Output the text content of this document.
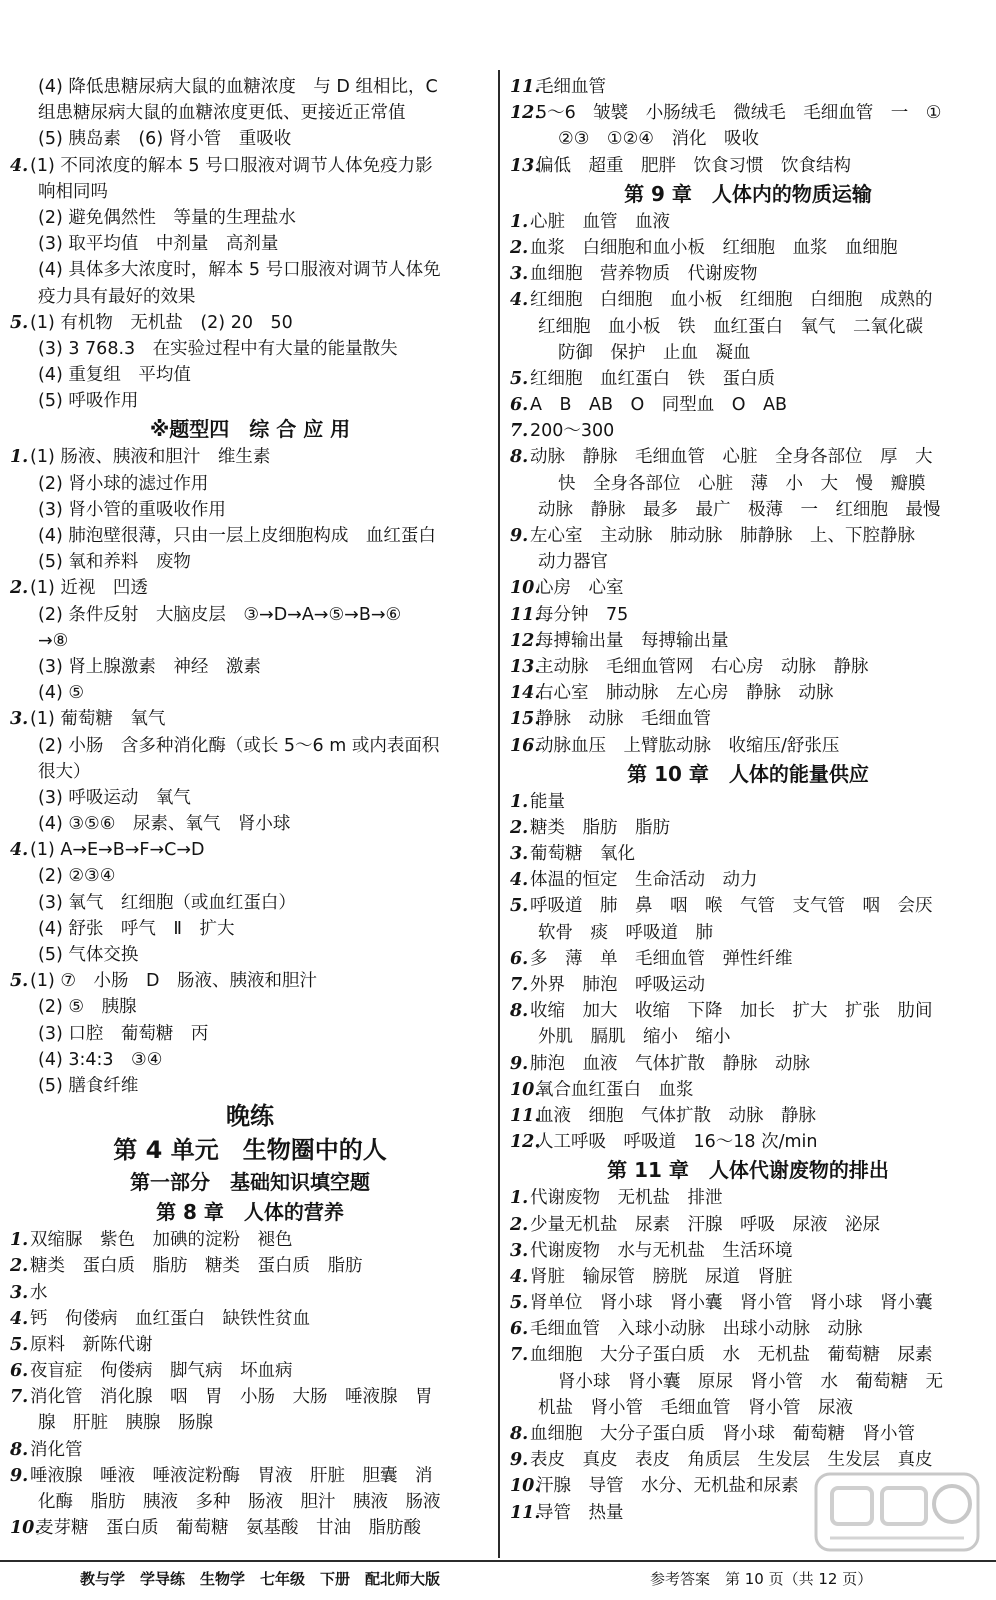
(4) 降低患糖尿病大鼠的血糖浓度　与 D 组相比，C
组患糖尿病大鼠的血糖浓度更低、更接近正常值
(5) 胰岛素　(6) 肾小管　重吸收
4.(1) 不同浓度的解本 5 号口服液对调节人体免疫力影
响相同吗
(2) 避免偶然性　等量的生理盐水
(3) 取平均值　中剂量　高剂量
(4) 具体多大浓度时，解本 5 号口服液对调节人体免
疫力具有最好的效果
5.(1) 有机物　无机盐　(2) 20　50
(3) 3 768.3　在实验过程中有大量的能量散失
(4) 重复组　平均值
(5) 呼吸作用
※题型四　综 合 应 用
1.(1) 肠液、胰液和胆汁　维生素
(2) 肾小球的滤过作用
(3) 肾小管的重吸收作用
(4) 肺泡壁很薄，只由一层上皮细胞构成　血红蛋白
(5) 氧和养料　废物
2.(1) 近视　凹透
(2) 条件反射　大脑皮层　③→D→A→⑤→B→⑥
→⑧
(3) 肾上腺激素　神经　激素
(4) ⑤
3.(1) 葡萄糖　氧气
(2) 小肠　含多种消化酶（或长 5～6 m 或内表面积
很大）
(3) 呼吸运动　氧气
(4) ③⑤⑥　尿素、氧气　肾小球
4.(1) A→E→B→F→C→D
(2) ②③④
(3) 氧气　红细胞（或血红蛋白）
(4) 舒张　呼气　Ⅱ　扩大
(5) 气体交换
5.(1) ⑦　小肠　D　肠液、胰液和胆汁
(2) ⑤　胰腺
(3) 口腔　葡萄糖　丙
(4) 3:4:3　③④
(5) 膳食纤维
晚练
第 4 单元　生物圈中的人
第一部分　基础知识填空题
第 8 章　人体的营养
1.双缩脲　紫色　加碘的淀粉　褪色
2.糖类　蛋白质　脂肪　糖类　蛋白质　脂肪
3.水
4.钙　佝偻病　血红蛋白　缺铁性贫血
5.原料　新陈代谢
6.夜盲症　佝偻病　脚气病　坏血病
7.消化管　消化腺　咽　胃　小肠　大肠　唾液腺　胃
腺　肝脏　胰腺　肠腺
8.消化管
9.唾液腺　唾液　唾液淀粉酶　胃液　肝脏　胆囊　消
化酶　脂肪　胰液　多种　肠液　胆汁　胰液　肠液
10.麦芽糖　蛋白质　葡萄糖　氨基酸　甘油　脂肪酸
11.毛细血管
12.5～6　皱襞　小肠绒毛　微绒毛　毛细血管　一　①
②③　①②④　消化　吸收
13.偏低　超重　肥胖　饮食习惯　饮食结构
第 9 章　人体内的物质运输
1.心脏　血管　血液
2.血浆　白细胞和血小板　红细胞　血浆　血细胞
3.血细胞　营养物质　代谢废物
4.红细胞　白细胞　血小板　红细胞　白细胞　成熟的
红细胞　血小板　铁　血红蛋白　氧气　二氧化碳
防御　保护　止血　凝血
5.红细胞　血红蛋白　铁　蛋白质
6.A　B　AB　O　同型血　O　AB
7.200～300
8.动脉　静脉　毛细血管　心脏　全身各部位　厚　大
快　全身各部位　心脏　薄　小　大　慢　瓣膜
动脉　静脉　最多　最广　极薄　一　红细胞　最慢
9.左心室　主动脉　肺动脉　肺静脉　上、下腔静脉
动力器官
10.心房　心室
11.每分钟　75
12.每搏输出量　每搏输出量
13.主动脉　毛细血管网　右心房　动脉　静脉
14.右心室　肺动脉　左心房　静脉　动脉
15.静脉　动脉　毛细血管
16.动脉血压　上臂肱动脉　收缩压/舒张压
第 10 章　人体的能量供应
1.能量
2.糖类　脂肪　脂肪
3.葡萄糖　氧化
4.体温的恒定　生命活动　动力
5.呼吸道　肺　鼻　咽　喉　气管　支气管　咽　会厌
软骨　痰　呼吸道　肺
6.多　薄　单　毛细血管　弹性纤维
7.外界　肺泡　呼吸运动
8.收缩　加大　收缩　下降　加长　扩大　扩张　肋间
外肌　膈肌　缩小　缩小
9.肺泡　血液　气体扩散　静脉　动脉
10.氧合血红蛋白　血浆
11.血液　细胞　气体扩散　动脉　静脉
12.人工呼吸　呼吸道　16～18 次/min
第 11 章　人体代谢废物的排出
1.代谢废物　无机盐　排泄
2.少量无机盐　尿素　汗腺　呼吸　尿液　泌尿
3.代谢废物　水与无机盐　生活环境
4.肾脏　输尿管　膀胱　尿道　肾脏
5.肾单位　肾小球　肾小囊　肾小管　肾小球　肾小囊
6.毛细血管　入球小动脉　出球小动脉　动脉
7.血细胞　大分子蛋白质　水　无机盐　葡萄糖　尿素
肾小球　肾小囊　原尿　肾小管　水　葡萄糖　无
机盐　肾小管　毛细血管　肾小管　尿液
8.血细胞　大分子蛋白质　肾小球　葡萄糖　肾小管
9.表皮　真皮　表皮　角质层　生发层　生发层　真皮
10.汗腺　导管　水分、无机盐和尿素
11.导管　热量
教与学　学导练　生物学　七年级　下册　配北师大版	参考答案　第 10 页（共 12 页）
